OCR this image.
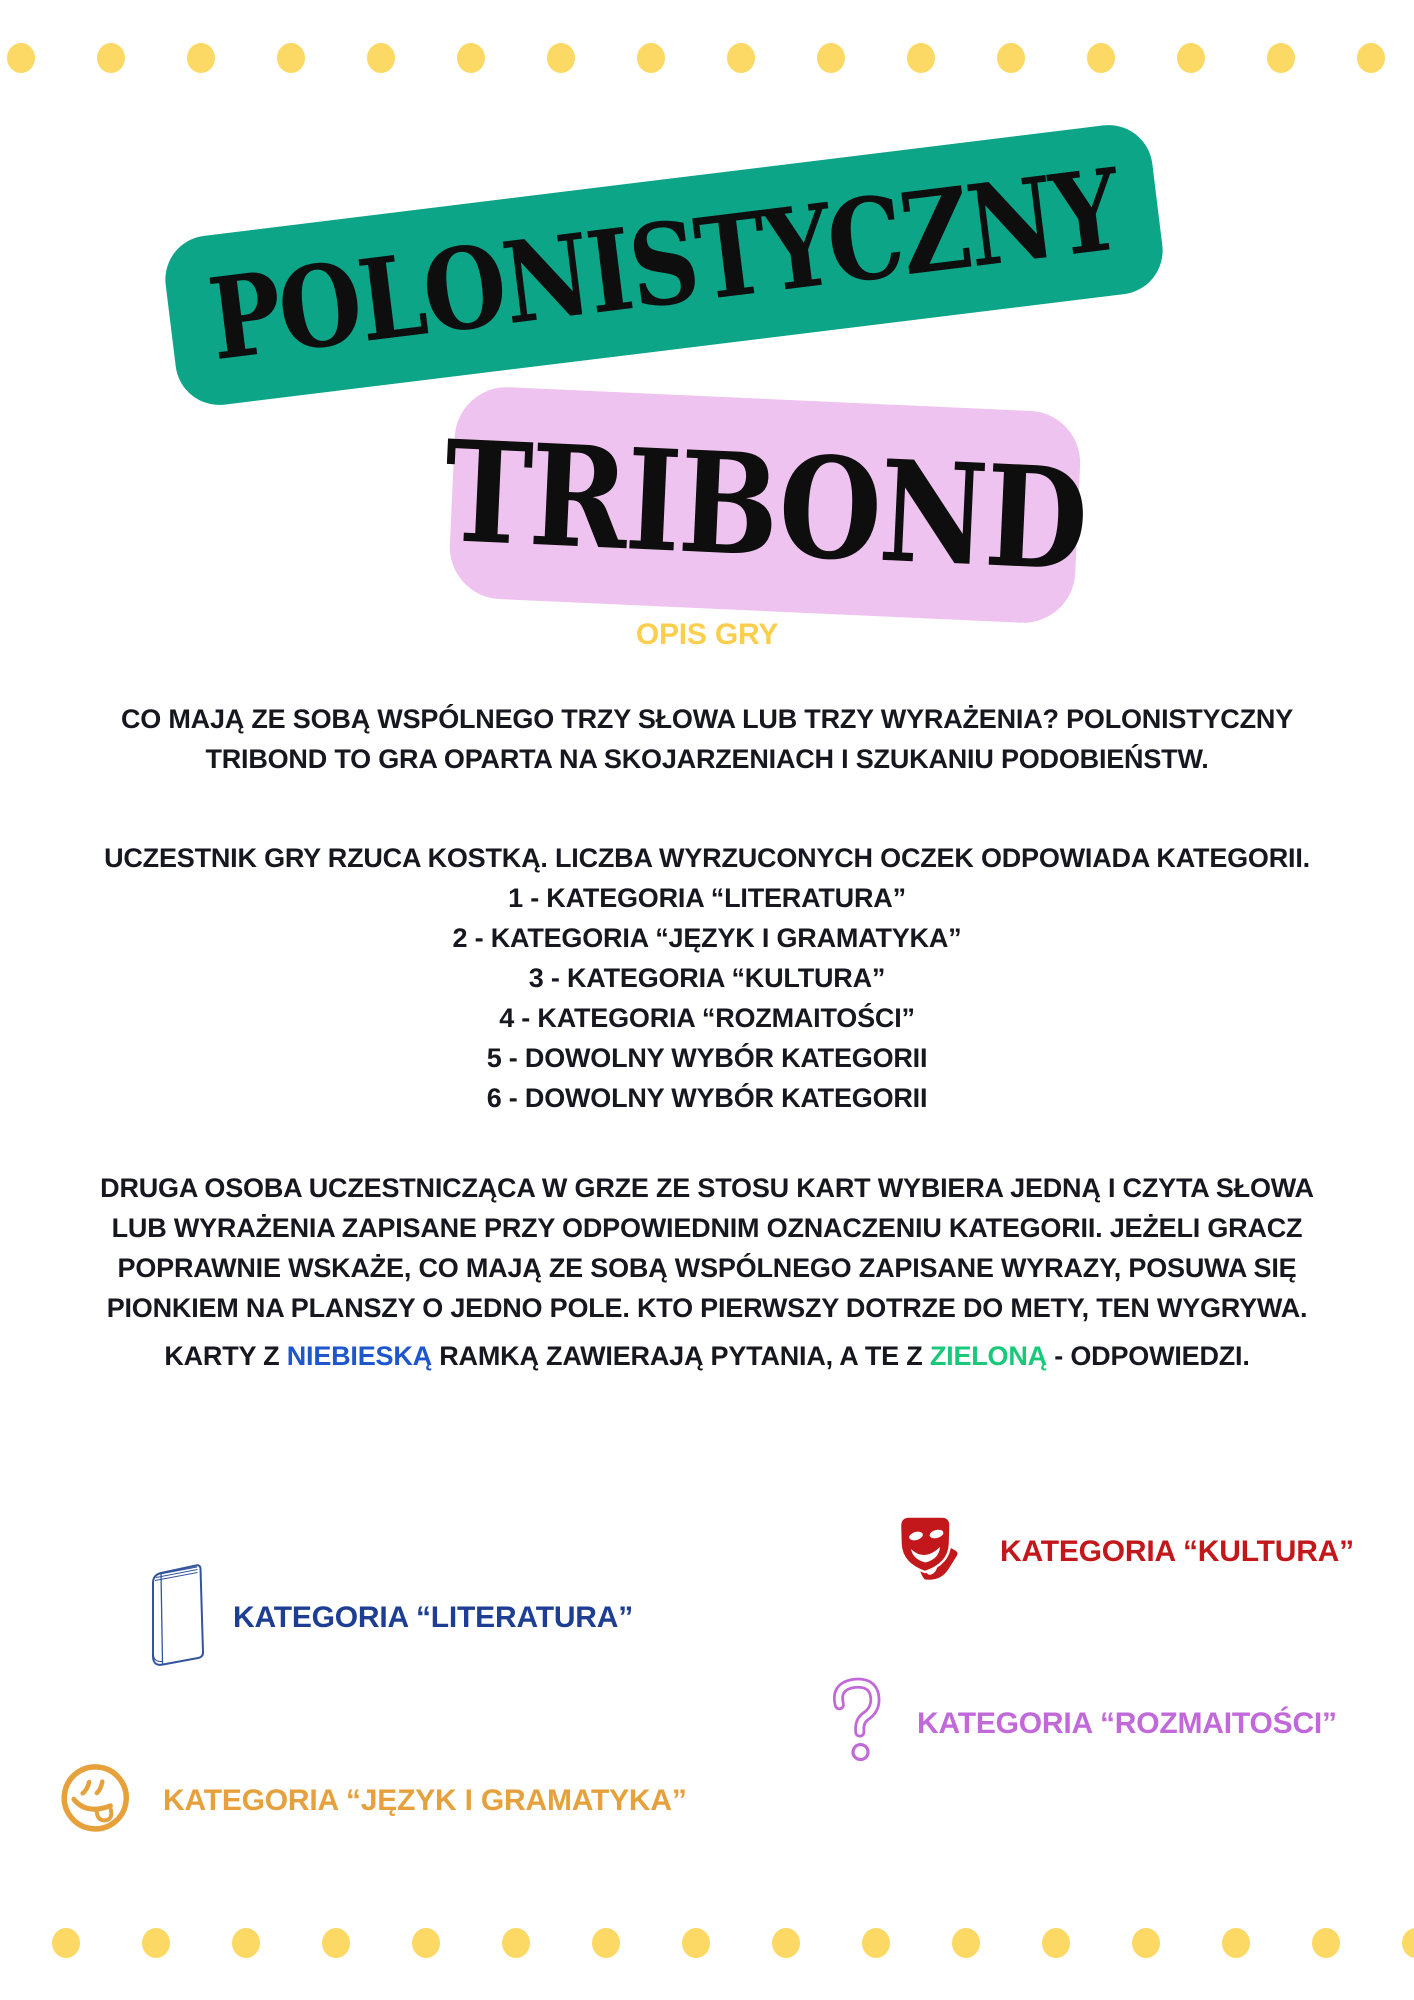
POLONISTYCZNY
TRIBOND
OPIS GRY
CO MAJĄ ZE SOBĄ WSPÓLNEGO TRZY SŁOWA LUB TRZY WYRAŻENIA? POLONISTYCZNY
TRIBOND TO GRA OPARTA NA SKOJARZENIACH I SZUKANIU PODOBIEŃSTW.
UCZESTNIK GRY RZUCA KOSTKĄ. LICZBA WYRZUCONYCH OCZEK ODPOWIADA KATEGORII.
1 - KATEGORIA “LITERATURA”
2 - KATEGORIA “JĘZYK I GRAMATYKA”
3 - KATEGORIA “KULTURA”
4 - KATEGORIA “ROZMAITOŚCI”
5 - DOWOLNY WYBÓR KATEGORII
6 - DOWOLNY WYBÓR KATEGORII
DRUGA OSOBA UCZESTNICZĄCA W GRZE ZE STOSU KART WYBIERA JEDNĄ I CZYTA SŁOWA
LUB WYRAŻENIA ZAPISANE PRZY ODPOWIEDNIM OZNACZENIU KATEGORII. JEŻELI GRACZ
POPRAWNIE WSKAŻE, CO MAJĄ ZE SOBĄ WSPÓLNEGO ZAPISANE WYRAZY, POSUWA SIĘ
PIONKIEM NA PLANSZY O JEDNO POLE. KTO PIERWSZY DOTRZE DO METY, TEN WYGRYWA.
KARTY Z NIEBIESKĄ RAMKĄ ZAWIERAJĄ PYTANIA, A TE Z ZIELONĄ - ODPOWIEDZI.
KATEGORIA “LITERATURA”
KATEGORIA “KULTURA”
KATEGORIA “ROZMAITOŚCI”
KATEGORIA “JĘZYK I GRAMATYKA”
